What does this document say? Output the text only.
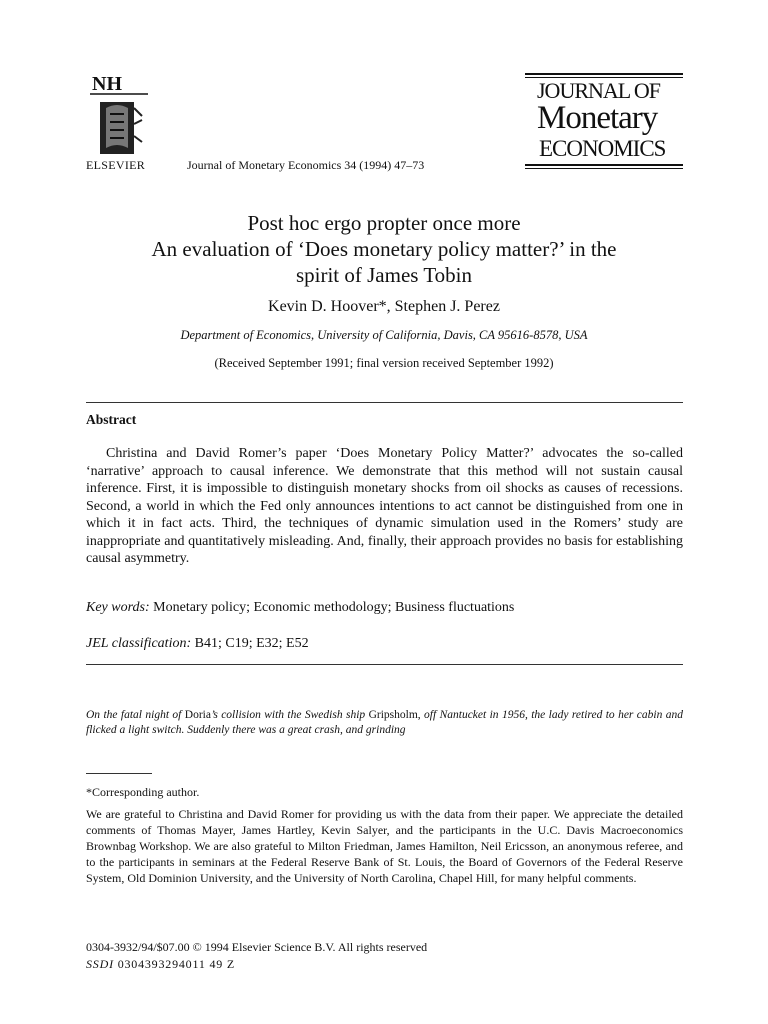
NH
ELSEVIER	Journal of Monetary Economics 34 (1994) 47–73
JOURNAL OF
Monetary
ECONOMICS
Post hoc ergo propter once more
An evaluation of ‘Does monetary policy matter?’ in the
spirit of James Tobin
Kevin D. Hoover*, Stephen J. Perez
Department of Economics, University of California, Davis, CA 95616-8578, USA
(Received September 1991; final version received September 1992)
Abstract
Christina and David Romer’s paper ‘Does Monetary Policy Matter?’ advocates the so-called ‘narrative’ approach to causal inference. We demonstrate that this method will not sustain causal inference. First, it is impossible to distinguish monetary shocks from oil shocks as causes of recessions. Second, a world in which the Fed only announces intentions to act cannot be distinguished from one in which it in fact acts. Third, the techniques of dynamic simulation used in the Romers’ study are inappropriate and quantitatively misleading. And, finally, their approach provides no basis for establishing causal asymmetry.
Key words: Monetary policy; Economic methodology; Business fluctuations
JEL classification: B41; C19; E32; E52
On the fatal night of Doria’s collision with the Swedish ship Gripsholm, off Nantucket in 1956, the lady retired to her cabin and flicked a light switch. Suddenly there was a great crash, and grinding
*Corresponding author.
We are grateful to Christina and David Romer for providing us with the data from their paper. We appreciate the detailed comments of Thomas Mayer, James Hartley, Kevin Salyer, and the participants in the U.C. Davis Macroeconomics Brownbag Workshop. We are also grateful to Milton Friedman, James Hamilton, Neil Ericsson, an anonymous referee, and to the participants in seminars at the Federal Reserve Bank of St. Louis, the Board of Governors of the Federal Reserve System, Old Dominion University, and the University of North Carolina, Chapel Hill, for many helpful comments.
0304-3932/94/$07.00 © 1994 Elsevier Science B.V. All rights reserved
SSDI 0304393294011 49 Z
